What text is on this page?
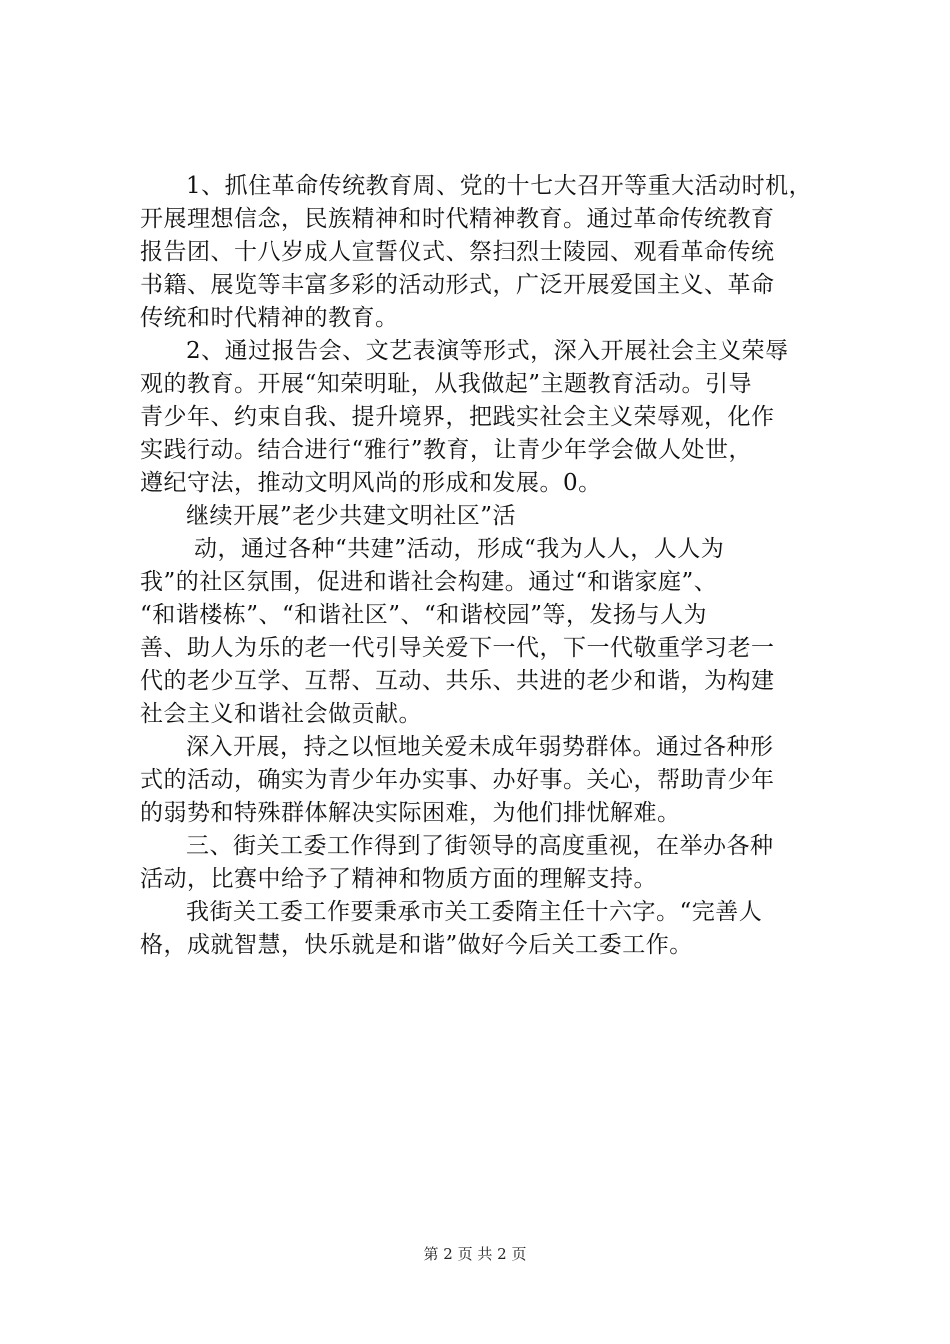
1、抓住革命传统教育周、党的十七大召开等重大活动时机，
开展理想信念，民族精神和时代精神教育。通过革命传统教育
报告团、十八岁成人宣誓仪式、祭扫烈士陵园、观看革命传统
书籍、展览等丰富多彩的活动形式，广泛开展爱国主义、革命
传统和时代精神的教育。
2、通过报告会、文艺表演等形式，深入开展社会主义荣辱
观的教育。开展“知荣明耻，从我做起”主题教育活动。引导
青少年、约束自我、提升境界，把践实社会主义荣辱观，化作
实践行动。结合进行“雅行”教育，让青少年学会做人处世，
遵纪守法，推动文明风尚的形成和发展。0。
继续开展”老少共建文明社区”活
动，通过各种“共建”活动，形成“我为人人，人人为
我”的社区氛围，促进和谐社会构建。通过“和谐家庭”、
“和谐楼栋”、“和谐社区”、“和谐校园”等，发扬与人为
善、助人为乐的老一代引导关爱下一代，下一代敬重学习老一
代的老少互学、互帮、互动、共乐、共进的老少和谐，为构建
社会主义和谐社会做贡献。
深入开展，持之以恒地关爱未成年弱势群体。通过各种形
式的活动，确实为青少年办实事、办好事。关心，帮助青少年
的弱势和特殊群体解决实际困难，为他们排忧解难。
三、街关工委工作得到了街领导的高度重视，在举办各种
活动，比赛中给予了精神和物质方面的理解支持。
我街关工委工作要秉承市关工委隋主任十六字。“完善人
格，成就智慧，快乐就是和谐”做好今后关工委工作。
第 2 页 共 2 页
